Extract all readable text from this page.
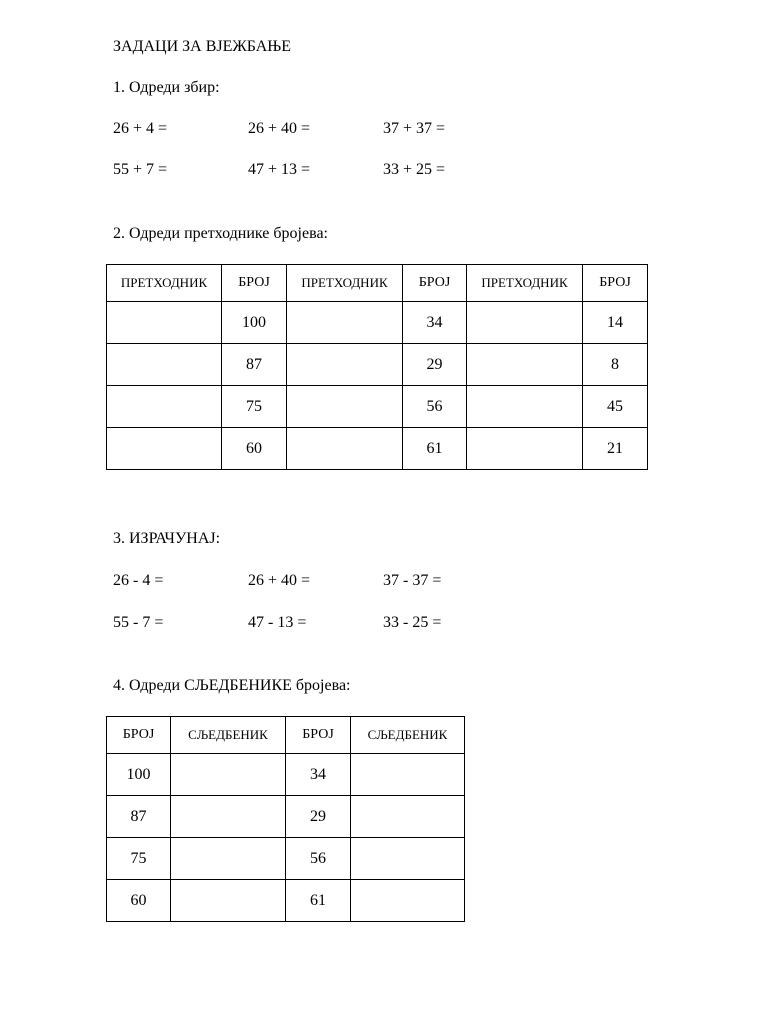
ЗАДАЦИ ЗА ВЈЕЖБАЊЕ
1. Одреди збир:
26 + 4 =	26 + 40 =	37 + 37 =
55 + 7 =	47 + 13 =	33 + 25 =
2. Одреди претходнике бројева:
ПРЕТХОДНИК	БРОЈ	ПРЕТХОДНИК	БРОЈ	ПРЕТХОДНИК	БРОЈ
	100		34		14
	87		29		8
	75		56		45
	60		61		21
3. ИЗРАЧУНАЈ:
26 - 4 =	26 + 40 =	37 - 37 =
55 - 7 =	47 - 13 =	33 - 25 =
4. Одреди СЉЕДБЕНИКЕ бројева:
БРОЈ	СЉЕДБЕНИК	БРОЈ	СЉЕДБЕНИК
100		34	
87		29	
75		56	
60		61	
